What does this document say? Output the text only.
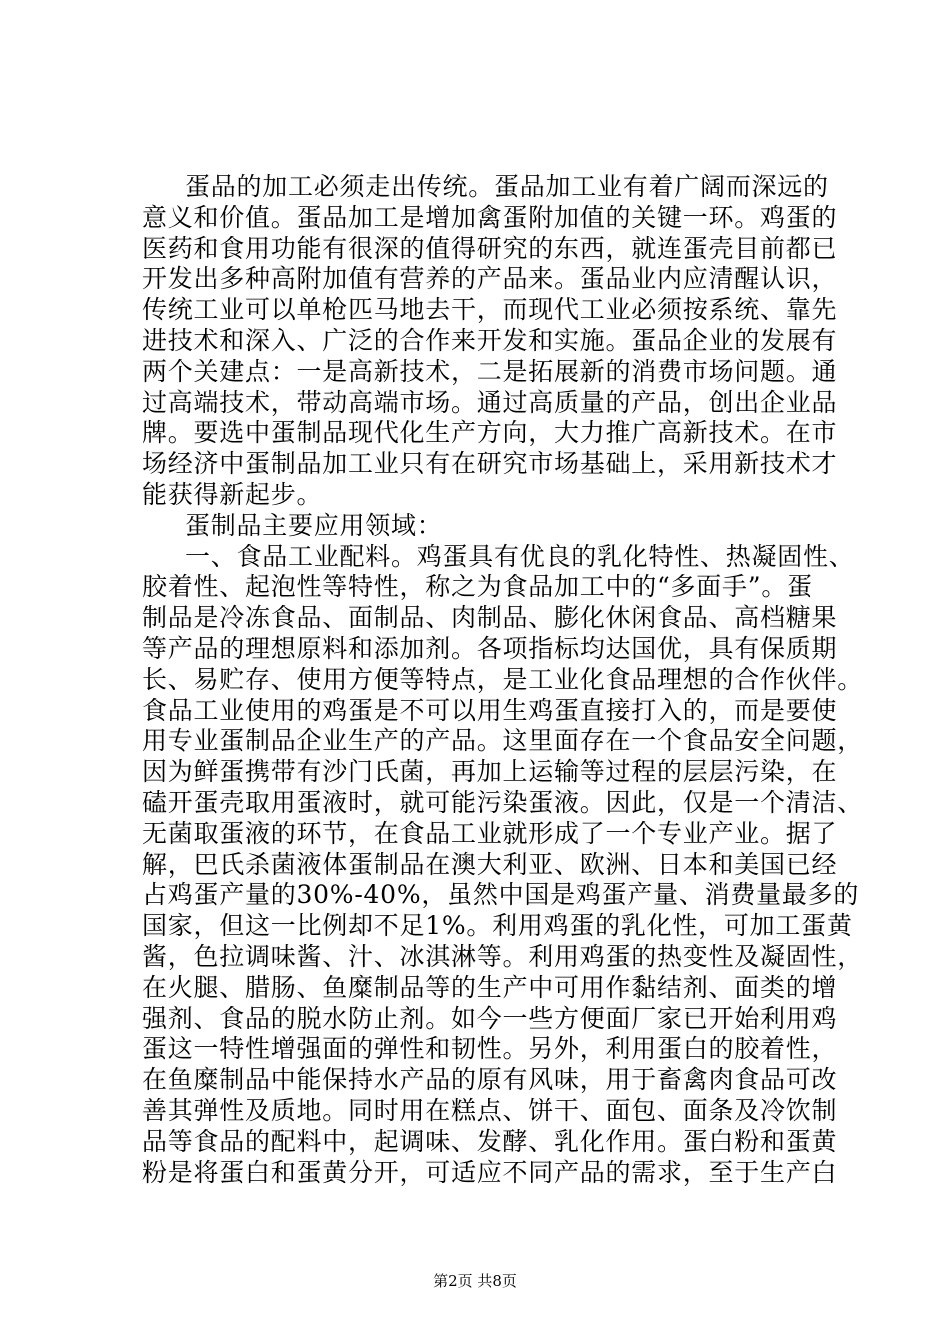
蛋品的加工必须走出传统。蛋品加工业有着广阔而深远的
意义和价值。蛋品加工是增加禽蛋附加值的关键一环。鸡蛋的
医药和食用功能有很深的值得研究的东西，就连蛋壳目前都已
开发出多种高附加值有营养的产品来。蛋品业内应清醒认识，
传统工业可以单枪匹马地去干，而现代工业必须按系统、靠先
进技术和深入、广泛的合作来开发和实施。蛋品企业的发展有
两个关建点：一是高新技术，二是拓展新的消费市场问题。通
过高端技术，带动高端市场。通过高质量的产品，创出企业品
牌。要选中蛋制品现代化生产方向，大力推广高新技术。在市
场经济中蛋制品加工业只有在研究市场基础上，采用新技术才
能获得新起步。
蛋制品主要应用领域：
一、食品工业配料。鸡蛋具有优良的乳化特性、热凝固性、
胶着性、起泡性等特性，称之为食品加工中的“多面手”。蛋
制品是冷冻食品、面制品、肉制品、膨化休闲食品、高档糖果
等产品的理想原料和添加剂。各项指标均达国优，具有保质期
长、易贮存、使用方便等特点，是工业化食品理想的合作伙伴。
食品工业使用的鸡蛋是不可以用生鸡蛋直接打入的，而是要使
用专业蛋制品企业生产的产品。这里面存在一个食品安全问题，
因为鲜蛋携带有沙门氏菌，再加上运输等过程的层层污染，在
磕开蛋壳取用蛋液时，就可能污染蛋液。因此，仅是一个清洁、
无菌取蛋液的环节，在食品工业就形成了一个专业产业。据了
解，巴氏杀菌液体蛋制品在澳大利亚、欧洲、日本和美国已经
占鸡蛋产量的30%-40%，虽然中国是鸡蛋产量、消费量最多的
国家，但这一比例却不足1%。利用鸡蛋的乳化性，可加工蛋黄
酱，色拉调味酱、汁、冰淇淋等。利用鸡蛋的热变性及凝固性，
在火腿、腊肠、鱼糜制品等的生产中可用作黏结剂、面类的增
强剂、食品的脱水防止剂。如今一些方便面厂家已开始利用鸡
蛋这一特性增强面的弹性和韧性。另外，利用蛋白的胶着性，
在鱼糜制品中能保持水产品的原有风味，用于畜禽肉食品可改
善其弹性及质地。同时用在糕点、饼干、面包、面条及冷饮制
品等食品的配料中，起调味、发酵、乳化作用。蛋白粉和蛋黄
粉是将蛋白和蛋黄分开，可适应不同产品的需求，至于生产白
第2页 共8页
